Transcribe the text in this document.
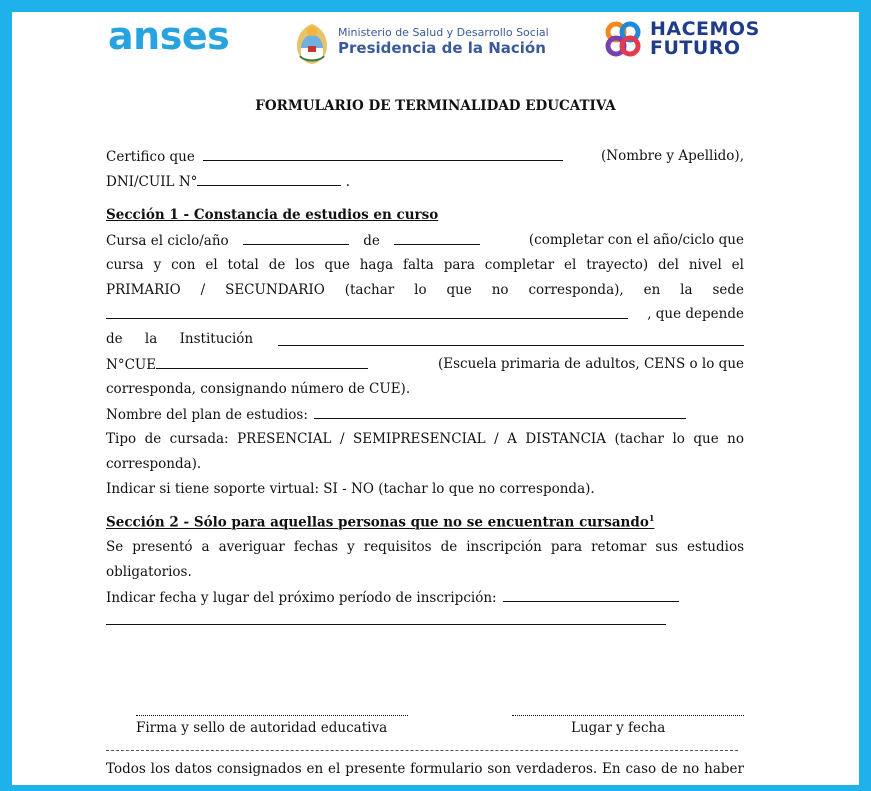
anses	Ministerio de Salud y Desarrollo Social
Presidencia de la Nación
HACEMOS
FUTURO
FORMULARIO DE TERMINALIDAD EDUCATIVA
Certifico que	(Nombre y Apellido),
DNI/CUIL N°	.
Sección 1 - Constancia de estudios en curso
Cursa el ciclo/año	de	(completar con el año/ciclo que
cursa y con el total de los que haga falta para completar el trayecto) del nivel el
PRIMARIO / SECUNDARIO (tachar lo que no corresponda), en la sede
, que depende
de la Institución
N°CUE	(Escuela primaria de adultos, CENS o lo que
corresponda, consignando número de CUE).
Nombre del plan de estudios:
Tipo de cursada: PRESENCIAL / SEMIPRESENCIAL / A DISTANCIA (tachar lo que no
corresponda).
Indicar si tiene soporte virtual: SI - NO (tachar lo que no corresponda).
Sección 2 - Sólo para aquellas personas que no se encuentran cursando$^1$
Se presentó a averiguar fechas y requisitos de inscripción para retomar sus estudios
obligatorios.
Indicar fecha y lugar del próximo período de inscripción:
Firma y sello de autoridad educativa	Lugar y fecha
Todos los datos consignados en el presente formulario son verdaderos. En caso de no haber
